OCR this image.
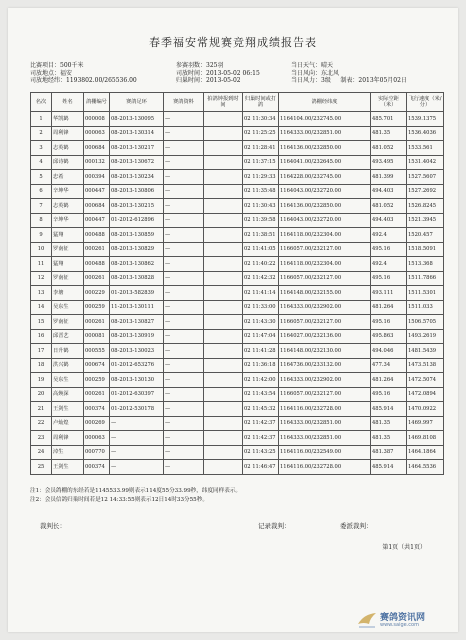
春季福安常规赛竞翔成绩报告表
比赛项目：500千米
司放地点：福安
司放地经纬：1193802.00/265536.00
参赛羽数：325羽
司放时间：2013-05-02 06:15
归巢时间：2013-05-02
当日天气：晴天
当日风向：东北风
当日风力：3级 制表：2013年05月02日
名次	姓名	鸽棚编号	赛鸽足环	赛鸽资料	拍鸽钟报到时间	归巢时间或打鸽	鸽棚经纬度	实际空距（米）	飞行速度（米/分）
1	华凯鹤	000008	08-2013-130095	—		02 11:30:34	1164104.00/232745.00	485.701	1539.1375
2	周利锋	000063	08-2013-130314	—		02 11:25:25	1164333.00/232851.00	481.35	1536.4036
3	志英鹤	000684	08-2013-130217	—		02 11:28:41	1164136.00/232850.00	481.052	1533.561
4	邱诗鹤	000132	08-2013-130672	—		02 11:37:15	1164041.00/232645.00	493.495	1531.4042
5	忠希	000394	08-2013-130234	—		02 11:29:33	1164228.00/232745.00	481.399	1527.5607
6	辛坤华	000447	08-2013-130806	—		02 11:35:48	1164043.00/232720.00	494.403	1527.2692
7	志英鹤	000684	08-2013-130215	—		02 11:30:43	1164136.00/232850.00	481.052	1526.8245
8	辛坤华	000447	01-2012-612896	—		02 11:39:58	1164043.00/232720.00	494.403	1521.3945
9	猛翔	000488	08-2013-130859	—		02 11:38:51	1164118.00/232304.00	492.4	1520.457
10	罗南征	000261	08-2013-130829	—		02 11:41:05	1166057.00/232127.00	495.16	1518.5091
11	猛翔	000488	08-2013-130862	—		02 11:40:22	1164118.00/232304.00	492.4	1513.368
12	罗南征	000261	08-2013-130828	—		02 11:42:32	1166057.00/232127.00	495.16	1511.7866
13	李塘	000229	01-2013-582839	—		02 11:41:14	1164148.00/232155.00	493.111	1511.5301
14	吴东生	000259	11-2013-130111	—		02 11:33:00	1164333.00/232902.00	481.264	1511.033
15	罗南征	000261	08-2013-130827	—		02 11:43:30	1166057.00/232127.00	495.16	1506.5705
16	邱晋艺	000081	08-2013-130919	—		02 11:47:04	1164027.00/232136.00	495.863	1493.2619
17	日升鹤	000555	08-2013-130023	—		02 11:41:28	1164148.00/232130.00	494.046	1481.5439
18	洪兴鹤	000674	01-2012-653276	—		02 11:36:18	1164736.00/233132.00	477.34	1473.5138
19	吴东生	000259	08-2013-130130	—		02 11:42:00	1164333.00/232902.00	481.264	1472.5074
20	高焕深	000261	01-2012-630397	—		02 11:43:54	1166057.00/232127.00	495.16	1472.0894
21	王剑生	000374	01-2012-530178	—		02 11:45:32	1164116.00/232728.00	485.914	1470.0922
22	卢灿煌	000269	—	—		02 11:42:37	1164333.00/232851.00	481.35	1469.997
23	周利锋	000063	—	—		02 11:42:37	1164333.00/232851.00	481.35	1469.8108
24	淖生	000770	—	—		02 11:43:25	1164116.00/232549.00	481.387	1464.1864
25	王剑生	000374	—	—		02 11:46:47	1164116.00/232728.00	485.914	1464.5536
注1：会员鸽棚的东经若是1145533.99则表示114度55分33.99秒，纬度同样表示。
注2：会员信鸽归巢时间若是12 14:33:55则表示12日14时33分55秒。
裁判长：	记录裁判：	委派裁判：
第1页（共1页）
赛鸽资讯网
www.saige.com
